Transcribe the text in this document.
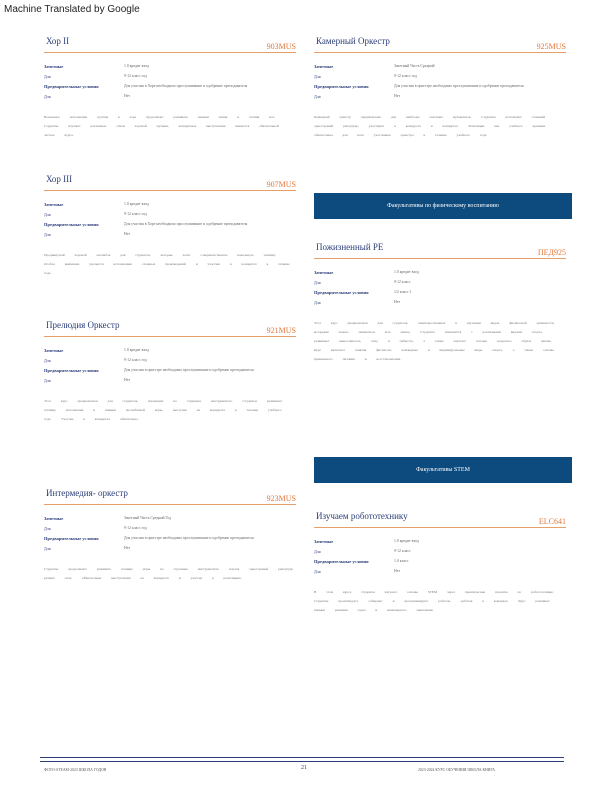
Machine Translated by Google
Хор II
903MUS
Зачетные	1.0 кредит вход
Для	9-12 класс год
Предварительные условия	Для участия в Хоре необходимо прослушивание и одобрение преподавателя
Для	Нет
Вокальное исполнение группы в хоре продолжает развивать навыки пения и чтения нот. Студенты изучают различные стили хоровой музыки, концертные выступления являются обязательной частью курса.
Хор III
907MUS
Зачетные	1.0 кредит вход
Для	9-12 класс год
Предварительные условия	Для участия в Хоре необходимо прослушивание и одобрение преподавателя
Для	Нет
Продвинутый хоровой ансамбль для студентов, которые хотят совершенствовать вокальную технику. Особое внимание уделяется исполнению сложных произведений и участию в концертах в течение года.
Прелюдия Оркестр
921MUS
Зачетные	1.0 кредит вход
Для	9-12 класс год
Предварительные условия	Для участия в оркестре необходимо прослушивание и одобрение преподавателя
Для	Нет
Этот курс предназначен для студентов, играющих на струнных инструментах. Студенты развивают технику исполнения и навыки ансамблевой игры, выступая на концертах в течение учебного года. Участие в концертах обязательно.
Интермедия- оркестр
923MUS
Зачетные	Зачетный Часть Средний Год
Для	9-12 класс год
Предварительные условия	Для участия в оркестре необходимо прослушивание и одобрение преподавателя
Для	Нет
Студенты продолжают развивать технику игры на струнных инструментах, изучая оркестровый репертуар разных эпох. Обязательны выступления на концертах и участие в репетициях.
Камерный Оркестр
925MUS
Зачетные	Зачетный Часть Средний
Для	9-12 класс год
Предварительные условия	Для участия в оркестре необходимо прослушивание и одобрение преподавателя
Для	Нет
Камерный оркестр предназначен для наиболее опытных музыкантов. Студенты исполняют сложный оркестровый репертуар, участвуют в конкурсах и концертах. Репетиции вне учебного времени обязательны для всех участников оркестра в течение учебного года.
Факультативы по физическому воспитанию
Пожизненный PE
ПЕД925
Зачетные	1.0 кредит вход
Для	9-12 класс
Предварительные условия	1/2 класс 1
Для	Нет
Этот курс предназначен для студентов, заинтересованных в изучении видов физической активности, которыми можно заниматься всю жизнь. Студенты знакомятся с различными видами спорта, развивают выносливость, силу и гибкость, а также изучают основы здорового образа жизни. Курс включает занятия фитнесом, командные и индивидуальные виды спорта, а также основы правильного питания и восстановления.
Факультативы STEM
Изучаем робототехнику
ELC641
Зачетные	1.0 кредит вход
Для	9-12 класс
Предварительные условия	1.0 класс
Для	Нет
В этом курсе студенты изучают основы STEM через практические проекты по робототехнике. Студенты проектируют, собирают и программируют роботов, работая в командах. Курс развивает навыки решения задач и инженерного мышления.
ФОТО-STEAM-2023 ШКОЛА ГОДОВ	21	2023-2024 КУРС ОБУЧЕНИЯ ШКОЛА КНИГА
